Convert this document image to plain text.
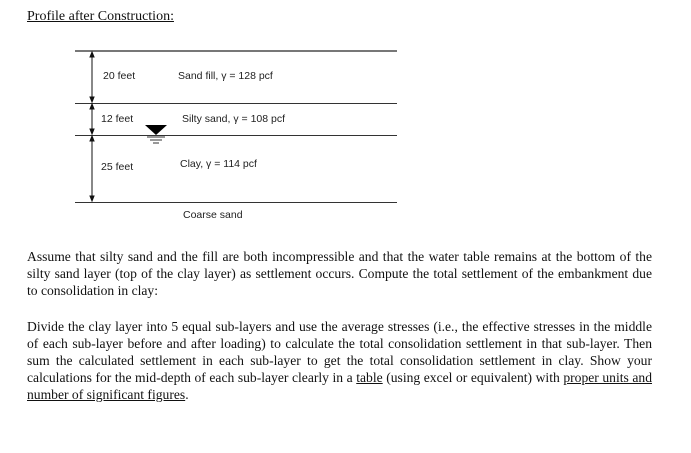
Profile after Construction:
20 feet	Sand fill, γ = 128 pcf
12 feet	Silty sand, γ = 108 pcf
25 feet	Clay, γ = 114 pcf
Coarse sand
Assume that silty sand and the fill are both incompressible and that the water table remains at the bottom of the silty sand layer (top of the clay layer) as settlement occurs. Compute the total settlement of the embankment due to consolidation in clay:
Divide the clay layer into 5 equal sub-layers and use the average stresses (i.e., the effective stresses in the middle of each sub-layer before and after loading) to calculate the total consolidation settlement in that sub-layer. Then sum the calculated settlement in each sub-layer to get the total consolidation settlement in clay. Show your calculations for the mid-depth of each sub-layer clearly in a table (using excel or equivalent) with proper units and number of significant figures.
